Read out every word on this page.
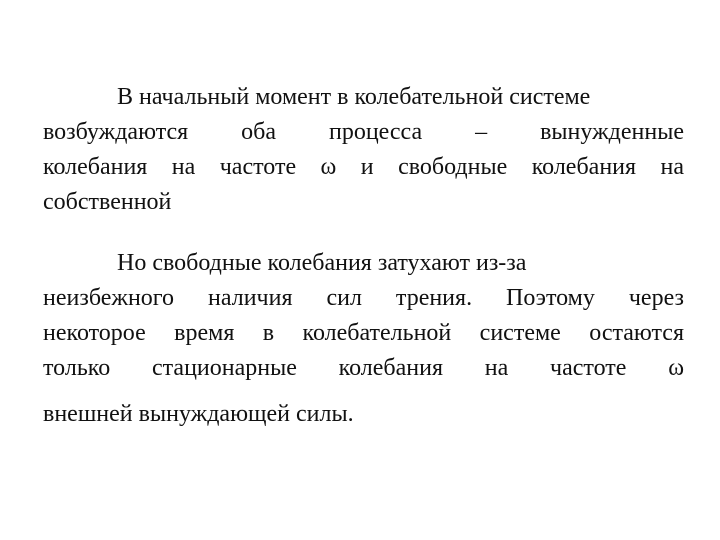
В начальный момент в колебательной системе

возбуждаются оба процесса – вынужденные

колебания на частоте ω и свободные колебания на

собственной

Но свободные колебания затухают из-за

неизбежного наличия сил трения. Поэтому через

некоторое время в колебательной системе остаются

только стационарные колебания на частоте ω

внешней вынуждающей силы.
